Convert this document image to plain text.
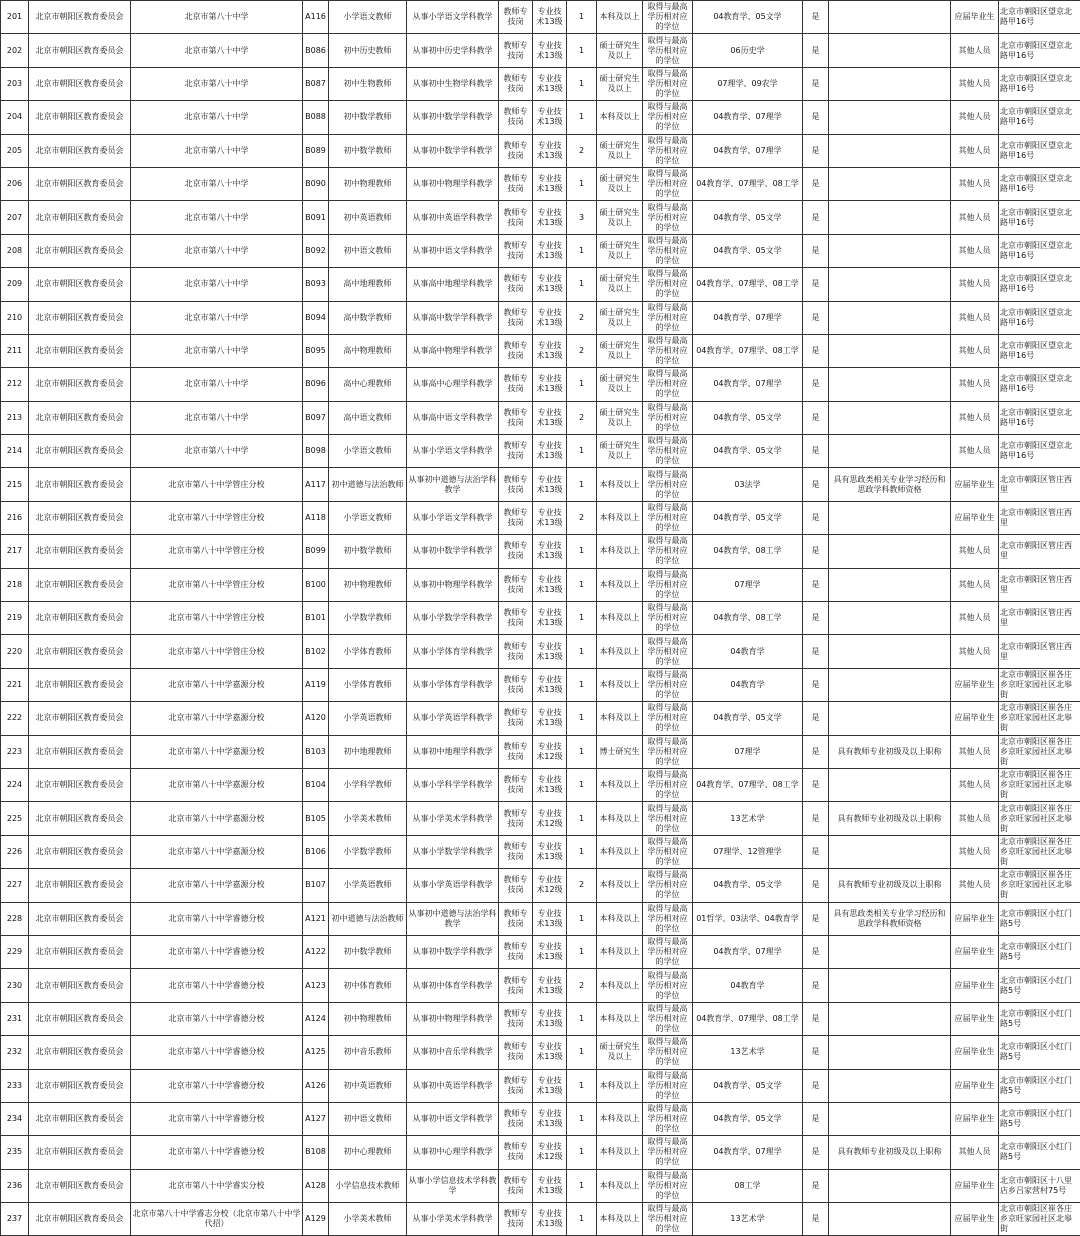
201	北京市朝阳区教育委员会	北京市第八十中学	A116	小学语文教师	从事小学语文学科教学	教师专技岗	专业技术13级	1	本科及以上	取得与最高学历相对应的学位	04教育学、05文学	是		应届毕业生	北京市朝阳区望京北路甲16号
202	北京市朝阳区教育委员会	北京市第八十中学	B086	初中历史教师	从事初中历史学科教学	教师专技岗	专业技术13级	1	硕士研究生及以上	取得与最高学历相对应的学位	06历史学	是		其他人员	北京市朝阳区望京北路甲16号
203	北京市朝阳区教育委员会	北京市第八十中学	B087	初中生物教师	从事初中生物学科教学	教师专技岗	专业技术13级	1	硕士研究生及以上	取得与最高学历相对应的学位	07理学、09农学	是		其他人员	北京市朝阳区望京北路甲16号
204	北京市朝阳区教育委员会	北京市第八十中学	B088	初中数学教师	从事初中数学学科教学	教师专技岗	专业技术13级	1	本科及以上	取得与最高学历相对应的学位	04教育学、07理学	是		其他人员	北京市朝阳区望京北路甲16号
205	北京市朝阳区教育委员会	北京市第八十中学	B089	初中数学教师	从事初中数学学科教学	教师专技岗	专业技术13级	2	硕士研究生及以上	取得与最高学历相对应的学位	04教育学、07理学	是		其他人员	北京市朝阳区望京北路甲16号
206	北京市朝阳区教育委员会	北京市第八十中学	B090	初中物理教师	从事初中物理学科教学	教师专技岗	专业技术13级	1	硕士研究生及以上	取得与最高学历相对应的学位	04教育学、07理学、08工学	是		其他人员	北京市朝阳区望京北路甲16号
207	北京市朝阳区教育委员会	北京市第八十中学	B091	初中英语教师	从事初中英语学科教学	教师专技岗	专业技术13级	3	硕士研究生及以上	取得与最高学历相对应的学位	04教育学、05文学	是		其他人员	北京市朝阳区望京北路甲16号
208	北京市朝阳区教育委员会	北京市第八十中学	B092	初中语文教师	从事初中语文学科教学	教师专技岗	专业技术13级	1	硕士研究生及以上	取得与最高学历相对应的学位	04教育学、05文学	是		其他人员	北京市朝阳区望京北路甲16号
209	北京市朝阳区教育委员会	北京市第八十中学	B093	高中地理教师	从事高中地理学科教学	教师专技岗	专业技术13级	1	硕士研究生及以上	取得与最高学历相对应的学位	04教育学、07理学、08工学	是		其他人员	北京市朝阳区望京北路甲16号
210	北京市朝阳区教育委员会	北京市第八十中学	B094	高中数学教师	从事高中数学学科教学	教师专技岗	专业技术13级	2	硕士研究生及以上	取得与最高学历相对应的学位	04教育学、07理学	是		其他人员	北京市朝阳区望京北路甲16号
211	北京市朝阳区教育委员会	北京市第八十中学	B095	高中物理教师	从事高中物理学科教学	教师专技岗	专业技术13级	2	硕士研究生及以上	取得与最高学历相对应的学位	04教育学、07理学、08工学	是		其他人员	北京市朝阳区望京北路甲16号
212	北京市朝阳区教育委员会	北京市第八十中学	B096	高中心理教师	从事高中心理学科教学	教师专技岗	专业技术13级	1	硕士研究生及以上	取得与最高学历相对应的学位	04教育学、07理学	是		其他人员	北京市朝阳区望京北路甲16号
213	北京市朝阳区教育委员会	北京市第八十中学	B097	高中语文教师	从事高中语文学科教学	教师专技岗	专业技术13级	2	硕士研究生及以上	取得与最高学历相对应的学位	04教育学、05文学	是		其他人员	北京市朝阳区望京北路甲16号
214	北京市朝阳区教育委员会	北京市第八十中学	B098	小学语文教师	从事小学语文学科教学	教师专技岗	专业技术13级	1	硕士研究生及以上	取得与最高学历相对应的学位	04教育学、05文学	是		其他人员	北京市朝阳区望京北路甲16号
215	北京市朝阳区教育委员会	北京市第八十中学管庄分校	A117	初中道德与法治教师	从事初中道德与法治学科教学	教师专技岗	专业技术13级	1	本科及以上	取得与最高学历相对应的学位	03法学	是	具有思政类相关专业学习经历和思政学科教师资格	应届毕业生	北京市朝阳区管庄西里
216	北京市朝阳区教育委员会	北京市第八十中学管庄分校	A118	小学语文教师	从事小学语文学科教学	教师专技岗	专业技术13级	2	本科及以上	取得与最高学历相对应的学位	04教育学、05文学	是		应届毕业生	北京市朝阳区管庄西里
217	北京市朝阳区教育委员会	北京市第八十中学管庄分校	B099	初中数学教师	从事初中数学学科教学	教师专技岗	专业技术13级	1	本科及以上	取得与最高学历相对应的学位	04教育学、08工学	是		其他人员	北京市朝阳区管庄西里
218	北京市朝阳区教育委员会	北京市第八十中学管庄分校	B100	初中物理教师	从事初中物理学科教学	教师专技岗	专业技术13级	1	本科及以上	取得与最高学历相对应的学位	07理学	是		其他人员	北京市朝阳区管庄西里
219	北京市朝阳区教育委员会	北京市第八十中学管庄分校	B101	小学数学教师	从事小学数学学科教学	教师专技岗	专业技术13级	1	本科及以上	取得与最高学历相对应的学位	04教育学、08工学	是		其他人员	北京市朝阳区管庄西里
220	北京市朝阳区教育委员会	北京市第八十中学管庄分校	B102	小学体育教师	从事小学体育学科教学	教师专技岗	专业技术13级	1	本科及以上	取得与最高学历相对应的学位	04教育学	是		其他人员	北京市朝阳区管庄西里
221	北京市朝阳区教育委员会	北京市第八十中学嘉源分校	A119	小学体育教师	从事小学体育学科教学	教师专技岗	专业技术13级	1	本科及以上	取得与最高学历相对应的学位	04教育学	是		应届毕业生	北京市朝阳区崔各庄乡京旺家园社区北皋街
222	北京市朝阳区教育委员会	北京市第八十中学嘉源分校	A120	小学英语教师	从事小学英语学科教学	教师专技岗	专业技术13级	1	本科及以上	取得与最高学历相对应的学位	04教育学、05文学	是		应届毕业生	北京市朝阳区崔各庄乡京旺家园社区北皋街
223	北京市朝阳区教育委员会	北京市第八十中学嘉源分校	B103	初中地理教师	从事初中地理学科教学	教师专技岗	专业技术12级	1	博士研究生	取得与最高学历相对应的学位	07理学	是	具有教师专业初级及以上职称	其他人员	北京市朝阳区崔各庄乡京旺家园社区北皋街
224	北京市朝阳区教育委员会	北京市第八十中学嘉源分校	B104	小学科学教师	从事小学科学学科教学	教师专技岗	专业技术13级	1	本科及以上	取得与最高学历相对应的学位	04教育学、07理学、08工学	是		其他人员	北京市朝阳区崔各庄乡京旺家园社区北皋街
225	北京市朝阳区教育委员会	北京市第八十中学嘉源分校	B105	小学美术教师	从事小学美术学科教学	教师专技岗	专业技术12级	1	本科及以上	取得与最高学历相对应的学位	13艺术学	是	具有教师专业初级及以上职称	其他人员	北京市朝阳区崔各庄乡京旺家园社区北皋街
226	北京市朝阳区教育委员会	北京市第八十中学嘉源分校	B106	小学数学教师	从事小学数学学科教学	教师专技岗	专业技术13级	1	本科及以上	取得与最高学历相对应的学位	07理学、12管理学	是		其他人员	北京市朝阳区崔各庄乡京旺家园社区北皋街
227	北京市朝阳区教育委员会	北京市第八十中学嘉源分校	B107	小学英语教师	从事小学英语学科教学	教师专技岗	专业技术12级	2	本科及以上	取得与最高学历相对应的学位	04教育学、05文学	是	具有教师专业初级及以上职称	其他人员	北京市朝阳区崔各庄乡京旺家园社区北皋街
228	北京市朝阳区教育委员会	北京市第八十中学睿德分校	A121	初中道德与法治教师	从事初中道德与法治学科教学	教师专技岗	专业技术13级	1	本科及以上	取得与最高学历相对应的学位	01哲学、03法学、04教育学	是	具有思政类相关专业学习经历和思政学科教师资格	应届毕业生	北京市朝阳区小红门路5号
229	北京市朝阳区教育委员会	北京市第八十中学睿德分校	A122	初中数学教师	从事初中数学学科教学	教师专技岗	专业技术13级	1	本科及以上	取得与最高学历相对应的学位	04教育学、07理学	是		应届毕业生	北京市朝阳区小红门路5号
230	北京市朝阳区教育委员会	北京市第八十中学睿德分校	A123	初中体育教师	从事初中体育学科教学	教师专技岗	专业技术13级	2	本科及以上	取得与最高学历相对应的学位	04教育学	是		应届毕业生	北京市朝阳区小红门路5号
231	北京市朝阳区教育委员会	北京市第八十中学睿德分校	A124	初中物理教师	从事初中物理学科教学	教师专技岗	专业技术13级	1	本科及以上	取得与最高学历相对应的学位	04教育学、07理学、08工学	是		应届毕业生	北京市朝阳区小红门路5号
232	北京市朝阳区教育委员会	北京市第八十中学睿德分校	A125	初中音乐教师	从事初中音乐学科教学	教师专技岗	专业技术13级	1	硕士研究生及以上	取得与最高学历相对应的学位	13艺术学	是		应届毕业生	北京市朝阳区小红门路5号
233	北京市朝阳区教育委员会	北京市第八十中学睿德分校	A126	初中英语教师	从事初中英语学科教学	教师专技岗	专业技术13级	1	本科及以上	取得与最高学历相对应的学位	04教育学、05文学	是		应届毕业生	北京市朝阳区小红门路5号
234	北京市朝阳区教育委员会	北京市第八十中学睿德分校	A127	初中语文教师	从事初中语文学科教学	教师专技岗	专业技术13级	1	本科及以上	取得与最高学历相对应的学位	04教育学、05文学	是		应届毕业生	北京市朝阳区小红门路5号
235	北京市朝阳区教育委员会	北京市第八十中学睿德分校	B108	初中心理教师	从事初中心理学科教学	教师专技岗	专业技术12级	1	本科及以上	取得与最高学历相对应的学位	04教育学、07理学	是	具有教师专业初级及以上职称	其他人员	北京市朝阳区小红门路5号
236	北京市朝阳区教育委员会	北京市第八十中学睿实分校	A128	小学信息技术教师	从事小学信息技术学科教学	教师专技岗	专业技术13级	1	本科及以上	取得与最高学历相对应的学位	08工学	是		应届毕业生	北京市朝阳区十八里店乡吕家营村75号
237	北京市朝阳区教育委员会	北京市第八十中学睿志分校（北京市第八十中学代招）	A129	小学美术教师	从事小学美术学科教学	教师专技岗	专业技术13级	1	本科及以上	取得与最高学历相对应的学位	13艺术学	是		应届毕业生	北京市朝阳区崔各庄乡京旺家园社区北皋街
